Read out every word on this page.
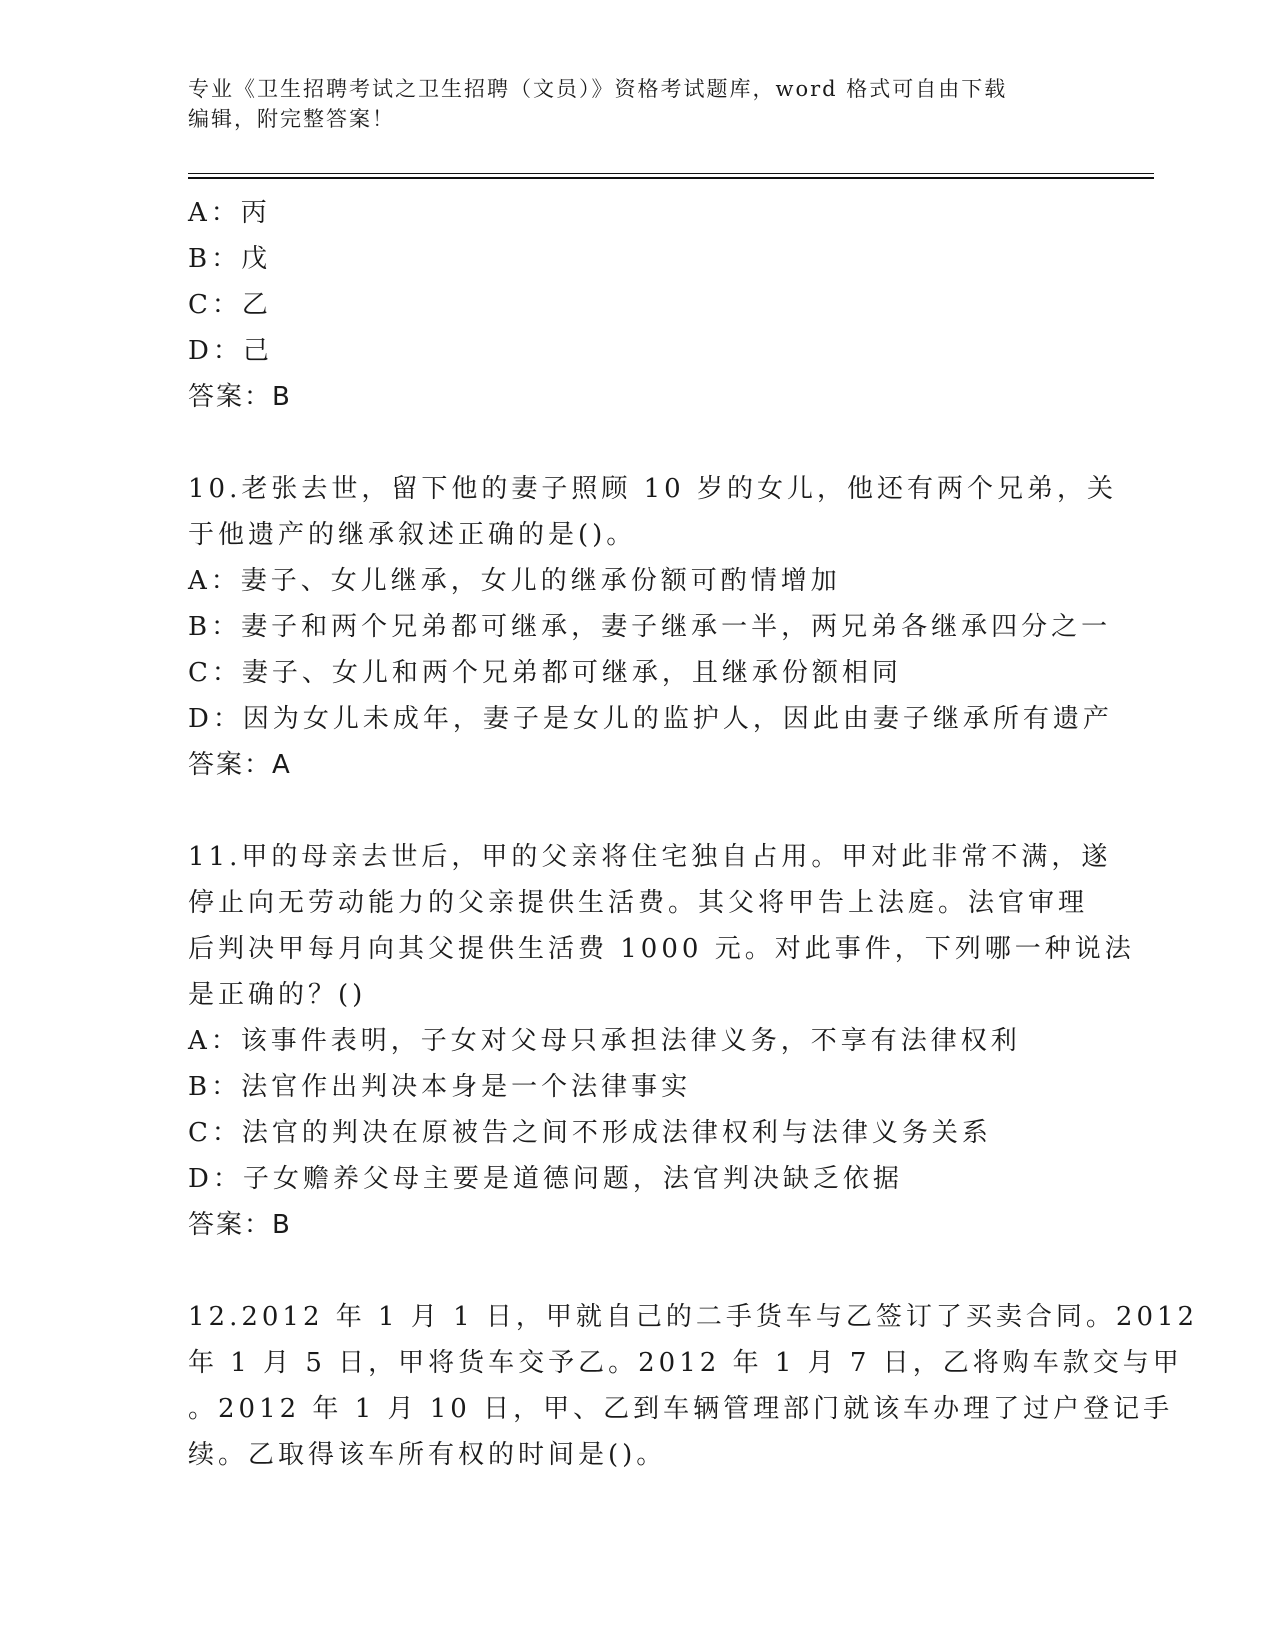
专业《卫生招聘考试之卫生招聘（文员）》资格考试题库，word 格式可自由下载
编辑，附完整答案！
A：丙
B：戊
C：乙
D：己
答案：B
10.老张去世，留下他的妻子照顾 10 岁的女儿，他还有两个兄弟，关
于他遗产的继承叙述正确的是()。
A：妻子、女儿继承，女儿的继承份额可酌情增加
B：妻子和两个兄弟都可继承，妻子继承一半，两兄弟各继承四分之一
C：妻子、女儿和两个兄弟都可继承，且继承份额相同
D：因为女儿未成年，妻子是女儿的监护人，因此由妻子继承所有遗产
答案：A
11.甲的母亲去世后，甲的父亲将住宅独自占用。甲对此非常不满，遂
停止向无劳动能力的父亲提供生活费。其父将甲告上法庭。法官审理
后判决甲每月向其父提供生活费 1000 元。对此事件，下列哪一种说法
是正确的？()
A：该事件表明，子女对父母只承担法律义务，不享有法律权利
B：法官作出判决本身是一个法律事实
C：法官的判决在原被告之间不形成法律权利与法律义务关系
D：子女赡养父母主要是道德问题，法官判决缺乏依据
答案：B
12.2012 年 1 月 1 日，甲就自己的二手货车与乙签订了买卖合同。2012
年 1 月 5 日，甲将货车交予乙。2012 年 1 月 7 日，乙将购车款交与甲
。2012 年 1 月 10 日，甲、乙到车辆管理部门就该车办理了过户登记手
续。乙取得该车所有权的时间是()。
